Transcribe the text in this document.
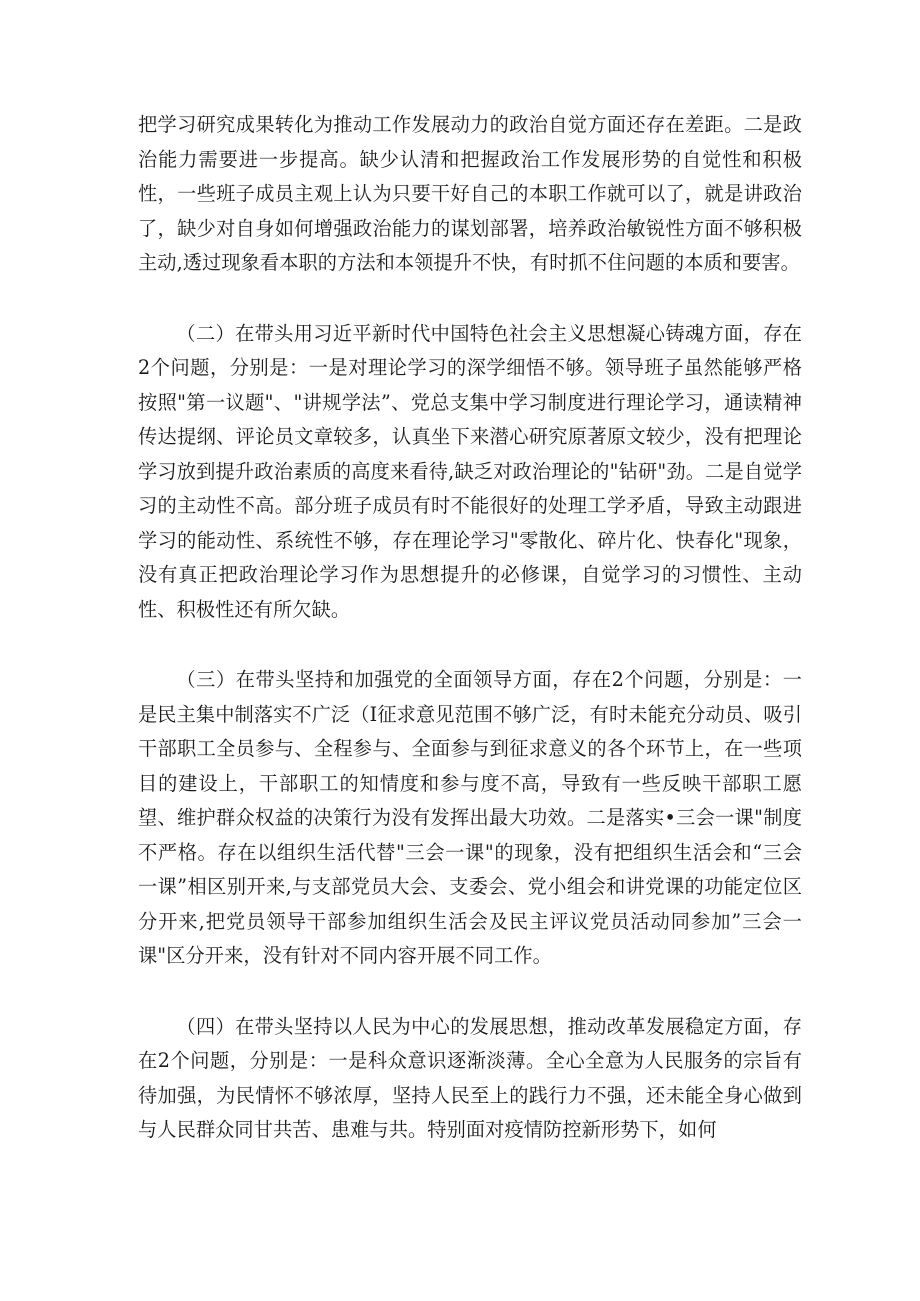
把学习研究成果转化为推动工作发展动力的政治自觉方面还存在差距。二是政治能力需要进一步提高。缺少认清和把握政治工作发展形势的自觉性和积极性，一些班子成员主观上认为只要干好自己的本职工作就可以了，就是讲政治了，缺少对自身如何增强政治能力的谋划部署，培养政治敏锐性方面不够积极主动,透过现象看本职的方法和本领提升不快，有时抓不住问题的本质和要害。

（二）在带头用习近平新时代中国特色社会主义思想凝心铸魂方面，存在2个问题，分别是：一是对理论学习的深学细悟不够。领导班子虽然能够严格按照"第一议题"、"讲规学法”、党总支集中学习制度进行理论学习，通读精神传达提纲、评论员文章较多，认真坐下来潜心研究原著原文较少，没有把理论学习放到提升政治素质的高度来看待,缺乏对政治理论的"钻研"劲。二是自觉学习的主动性不高。部分班子成员有时不能很好的处理工学矛盾，导致主动跟进学习的能动性、系统性不够，存在理论学习"零散化、碎片化、快春化"现象，没有真正把政治理论学习作为思想提升的必修课，自觉学习的习惯性、主动性、积极性还有所欠缺。

（三）在带头坚持和加强党的全面领导方面，存在2个问题，分别是：一是民主集中制落实不广泛（I征求意见范围不够广泛，有时未能充分动员、吸引干部职工全员参与、全程参与、全面参与到征求意义的各个环节上，在一些项目的建设上，干部职工的知情度和参与度不高，导致有一些反映干部职工愿望、维护群众权益的决策行为没有发挥出最大功效。二是落实•三会一课"制度不严格。存在以组织生活代替"三会一课"的现象，没有把组织生活会和“三会一课”相区别开来,与支部党员大会、支委会、党小组会和讲党课的功能定位区分开来,把党员领导干部参加组织生活会及民主评议党员活动同参加”三会一课"区分开来，没有针对不同内容开展不同工作。

（四）在带头坚持以人民为中心的发展思想，推动改革发展稳定方面，存在2个问题，分别是：一是科众意识逐渐淡薄。全心全意为人民服务的宗旨有待加强，为民情怀不够浓厚，坚持人民至上的践行力不强，还未能全身心做到与人民群众同甘共苦、患难与共。特别面对疫情防控新形势下，如何
